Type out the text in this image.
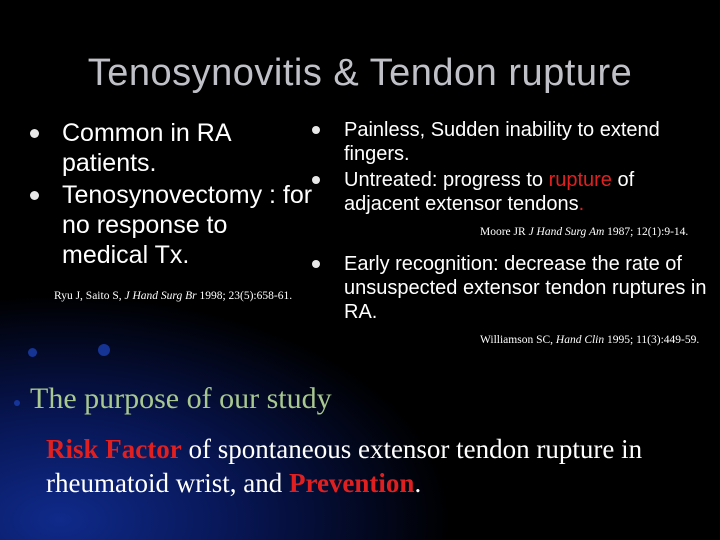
Tenosynovitis & Tendon rupture
Common in RA patients.
Tenosynovectomy : for no response to medical Tx.
Ryu J, Saito S, J Hand Surg Br 1998; 23(5):658-61.
Painless, Sudden inability to extend fingers.
Untreated: progress to rupture of adjacent extensor tendons.
Moore JR J Hand Surg Am 1987; 12(1):9-14.
Early recognition: decrease the rate of unsuspected extensor tendon ruptures in RA.
Williamson SC, Hand Clin 1995; 11(3):449-59.
The purpose of our study
Risk Factor of spontaneous extensor tendon rupture in rheumatoid wrist, and Prevention.
